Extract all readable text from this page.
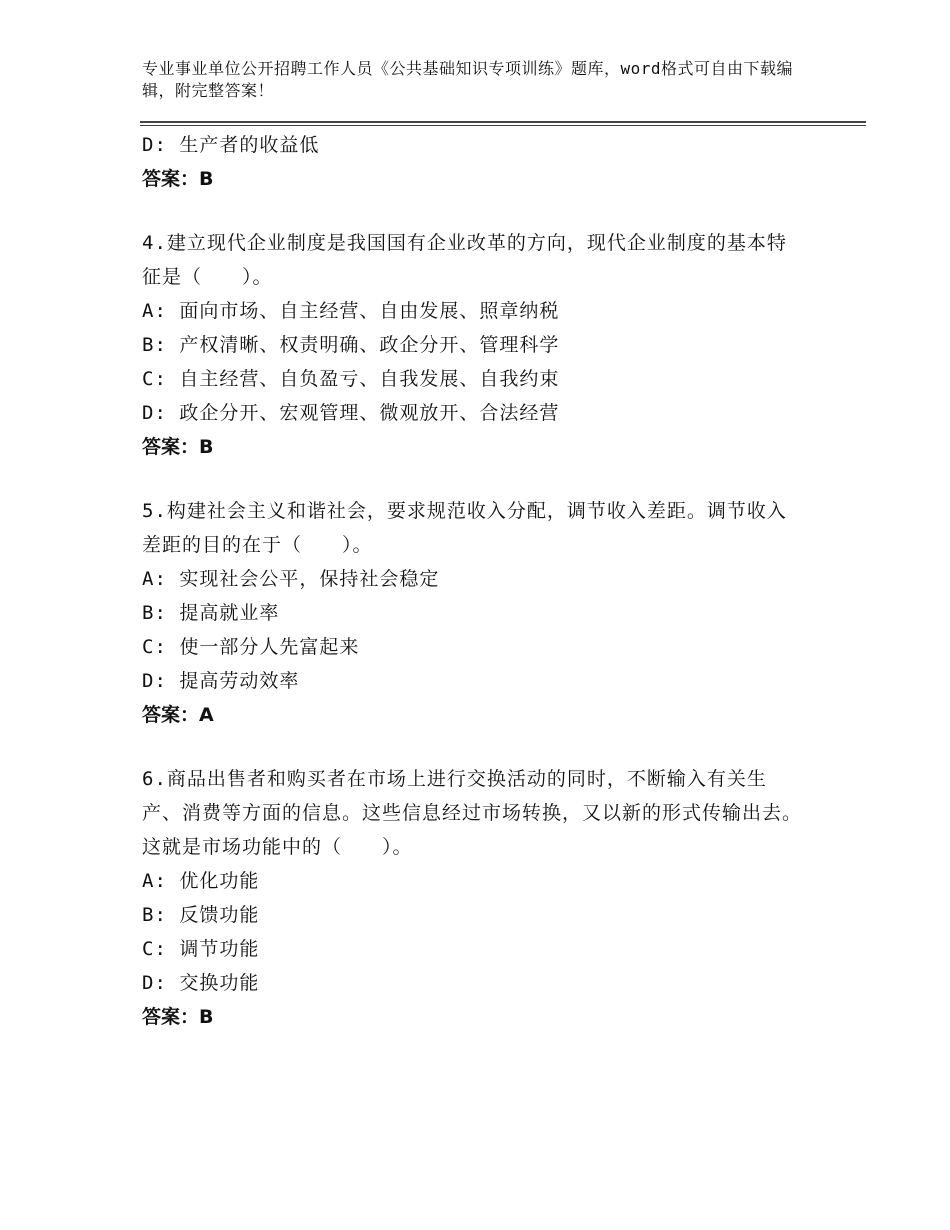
专业事业单位公开招聘工作人员《公共基础知识专项训练》题库，word格式可自由下载编辑，附完整答案！
D: 生产者的收益低
答案：B
4.建立现代企业制度是我国国有企业改革的方向，现代企业制度的基本特征是（　　）。
A: 面向市场、自主经营、自由发展、照章纳税
B: 产权清晰、权责明确、政企分开、管理科学
C: 自主经营、自负盈亏、自我发展、自我约束
D: 政企分开、宏观管理、微观放开、合法经营
答案：B
5.构建社会主义和谐社会，要求规范收入分配，调节收入差距。调节收入差距的目的在于（　　）。
A: 实现社会公平，保持社会稳定
B: 提高就业率
C: 使一部分人先富起来
D: 提高劳动效率
答案：A
6.商品出售者和购买者在市场上进行交换活动的同时，不断输入有关生产、消费等方面的信息。这些信息经过市场转换，又以新的形式传输出去。这就是市场功能中的（　　）。
A: 优化功能
B: 反馈功能
C: 调节功能
D: 交换功能
答案：B
